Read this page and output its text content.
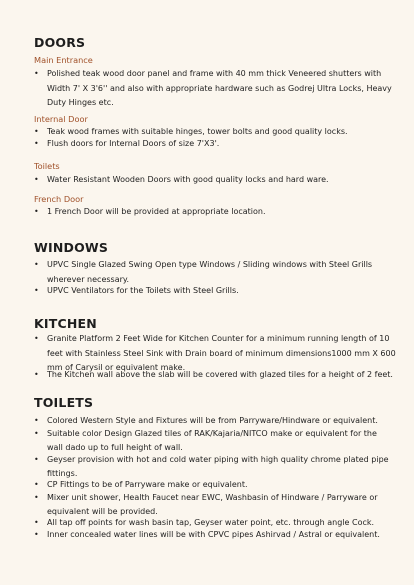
DOORS

Main Entrance

• Polished teak wood door panel and frame with 40 mm thick Veneered shutters with
Width 7' X 3'6'' and also with appropriate hardware such as Godrej Ultra Locks, Heavy
Duty Hinges etc.

Internal Door

• Teak wood frames with suitable hinges, tower bolts and good quality locks.
• Flush doors for Internal Doors of size 7'X3'.

Toilets

• Water Resistant Wooden Doors with good quality locks and hard ware.

French Door

• 1 French Door will be provided at appropriate location.
WINDOWS
• UPVC Single Glazed Swing Open type Windows / Sliding windows with Steel Grills
wherever necessary.
• UPVC Ventilators for the Toilets with Steel Grills.
KITCHEN
• Granite Platform 2 Feet Wide for Kitchen Counter for a minimum running length of 10
feet with Stainless Steel Sink with Drain board of minimum dimensions1000 mm X 600
mm of Carysil or equivalent make.
• The Kitchen wall above the slab will be covered with glazed tiles for a height of 2 feet.
TOILETS
• Colored Western Style and Fixtures will be from Parryware/Hindware or equivalent.
• Suitable color Design Glazed tiles of RAK/Kajaria/NITCO make or equivalent for the
wall dado up to full height of wall.
• Geyser provision with hot and cold water piping with high quality chrome plated pipe
fittings.
• CP Fittings to be of Parryware make or equivalent.
• Mixer unit shower, Health Faucet near EWC, Washbasin of Hindware / Parryware or
equivalent will be provided.
• All tap off points for wash basin tap, Geyser water point, etc. through angle Cock.
• Inner concealed water lines will be with CPVC pipes Ashirvad / Astral or equivalent.
